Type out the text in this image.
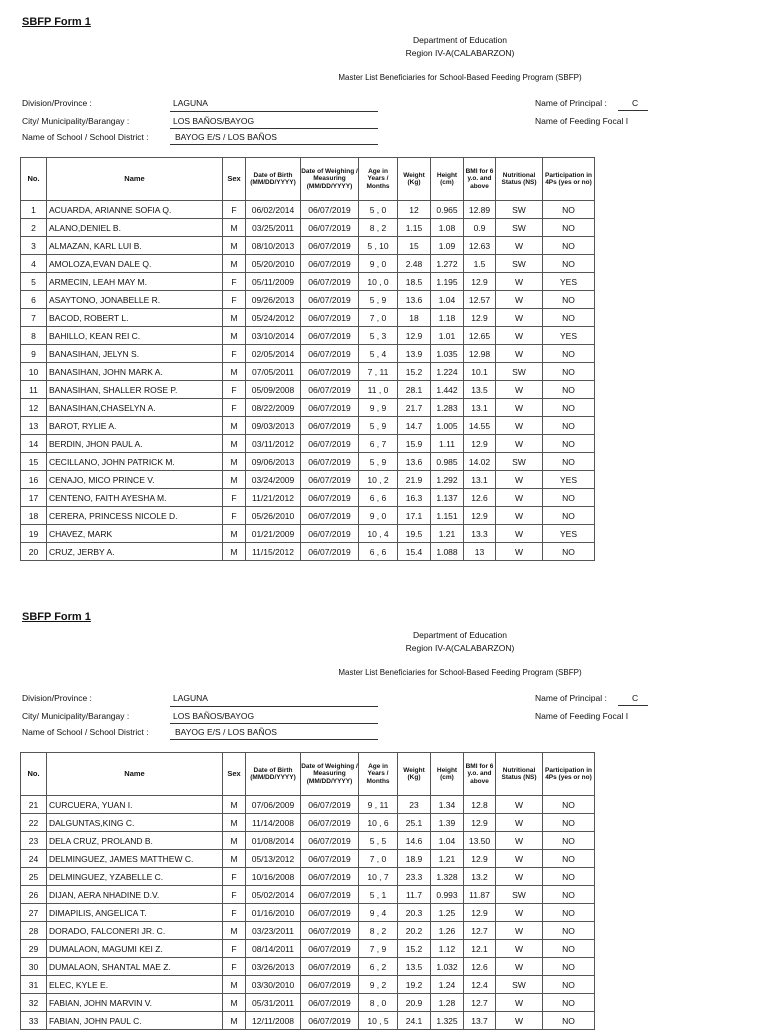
SBFP Form 1
Department of Education
Region IV-A(CALABARZON)
Master List Beneficiaries for School-Based Feeding Program (SBFP)
Division/Province :	LAGUNA
City/ Municipality/Barangay :	LOS BAÑOS/BAYOG
Name of School / School District :	BAYOG E/S / LOS BAÑOS
Name of Principal :	C
Name of Feeding Focal I
No.	Name	Sex	Date of Birth (MM/DD/YYYY)	Date of Weighing / Measuring (MM/DD/YYYY)	Age in Years / Months	Weight (Kg)	Height (cm)	BMI for 6 y.o. and above	Nutritional Status (NS)	Participation in 4Ps (yes or no)
1	ACUARDA, ARIANNE SOFIA Q.	F	06/02/2014	06/07/2019	5 , 0	12	0.965	12.89	SW	NO
2	ALANO,DENIEL B.	M	03/25/2011	06/07/2019	8 , 2	1.15	1.08	0.9	SW	NO
3	ALMAZAN, KARL LUI B.	M	08/10/2013	06/07/2019	5 , 10	15	1.09	12.63	W	NO
4	AMOLOZA,EVAN DALE Q.	M	05/20/2010	06/07/2019	9 , 0	2.48	1.272	1.5	SW	NO
5	ARMECIN, LEAH MAY M.	F	05/11/2009	06/07/2019	10 , 0	18.5	1.195	12.9	W	YES
6	ASAYTONO, JONABELLE R.	F	09/26/2013	06/07/2019	5 , 9	13.6	1.04	12.57	W	NO
7	BACOD, ROBERT L.	M	05/24/2012	06/07/2019	7 , 0	18	1.18	12.9	W	NO
8	BAHILLO, KEAN REI C.	M	03/10/2014	06/07/2019	5 , 3	12.9	1.01	12.65	W	YES
9	BANASIHAN, JELYN S.	F	02/05/2014	06/07/2019	5 , 4	13.9	1.035	12.98	W	NO
10	BANASIHAN, JOHN MARK A.	M	07/05/2011	06/07/2019	7 , 11	15.2	1.224	10.1	SW	NO
11	BANASIHAN, SHALLER ROSE P.	F	05/09/2008	06/07/2019	11 , 0	28.1	1.442	13.5	W	NO
12	BANASIHAN,CHASELYN A.	F	08/22/2009	06/07/2019	9 , 9	21.7	1.283	13.1	W	NO
13	BAROT, RYLIE A.	M	09/03/2013	06/07/2019	5 , 9	14.7	1.005	14.55	W	NO
14	BERDIN, JHON PAUL A.	M	03/11/2012	06/07/2019	6 , 7	15.9	1.11	12.9	W	NO
15	CECILLANO, JOHN PATRICK M.	M	09/06/2013	06/07/2019	5 , 9	13.6	0.985	14.02	SW	NO
16	CENAJO, MICO PRINCE V.	M	03/24/2009	06/07/2019	10 , 2	21.9	1.292	13.1	W	YES
17	CENTENO, FAITH AYESHA M.	F	11/21/2012	06/07/2019	6 , 6	16.3	1.137	12.6	W	NO
18	CERERA, PRINCESS NICOLE D.	F	05/26/2010	06/07/2019	9 , 0	17.1	1.151	12.9	W	NO
19	CHAVEZ, MARK	M	01/21/2009	06/07/2019	10 , 4	19.5	1.21	13.3	W	YES
20	CRUZ, JERBY A.	M	11/15/2012	06/07/2019	6 , 6	15.4	1.088	13	W	NO
SBFP Form 1
Department of Education
Region IV-A(CALABARZON)
Master List Beneficiaries for School-Based Feeding Program (SBFP)
Division/Province :	LAGUNA
City/ Municipality/Barangay :	LOS BAÑOS/BAYOG
Name of School / School District :	BAYOG E/S / LOS BAÑOS
Name of Principal :	C
Name of Feeding Focal I
No.	Name	Sex	Date of Birth (MM/DD/YYYY)	Date of Weighing / Measuring (MM/DD/YYYY)	Age in Years / Months	Weight (Kg)	Height (cm)	BMI for 6 y.o. and above	Nutritional Status (NS)	Participation in 4Ps (yes or no)
21	CURCUERA, YUAN I.	M	07/06/2009	06/07/2019	9 , 11	23	1.34	12.8	W	NO
22	DALGUNTAS,KING C.	M	11/14/2008	06/07/2019	10 , 6	25.1	1.39	12.9	W	NO
23	DELA CRUZ, PROLAND B.	M	01/08/2014	06/07/2019	5 , 5	14.6	1.04	13.50	W	NO
24	DELMINGUEZ, JAMES MATTHEW C.	M	05/13/2012	06/07/2019	7 , 0	18.9	1.21	12.9	W	NO
25	DELMINGUEZ, YZABELLE C.	F	10/16/2008	06/07/2019	10 , 7	23.3	1.328	13.2	W	NO
26	DIJAN, AERA NHADINE D.V.	F	05/02/2014	06/07/2019	5 , 1	11.7	0.993	11.87	SW	NO
27	DIMAPILIS, ANGELICA T.	F	01/16/2010	06/07/2019	9 , 4	20.3	1.25	12.9	W	NO
28	DORADO, FALCONERI JR. C.	M	03/23/2011	06/07/2019	8 , 2	20.2	1.26	12.7	W	NO
29	DUMALAON, MAGUMI KEI Z.	F	08/14/2011	06/07/2019	7 , 9	15.2	1.12	12.1	W	NO
30	DUMALAON, SHANTAL MAE Z.	F	03/26/2013	06/07/2019	6 , 2	13.5	1.032	12.6	W	NO
31	ELEC, KYLE E.	M	03/30/2010	06/07/2019	9 , 2	19.2	1.24	12.4	SW	NO
32	FABIAN, JOHN MARVIN V.	M	05/31/2011	06/07/2019	8 , 0	20.9	1.28	12.7	W	NO
33	FABIAN, JOHN PAUL C.	M	12/11/2008	06/07/2019	10 , 5	24.1	1.325	13.7	W	NO
